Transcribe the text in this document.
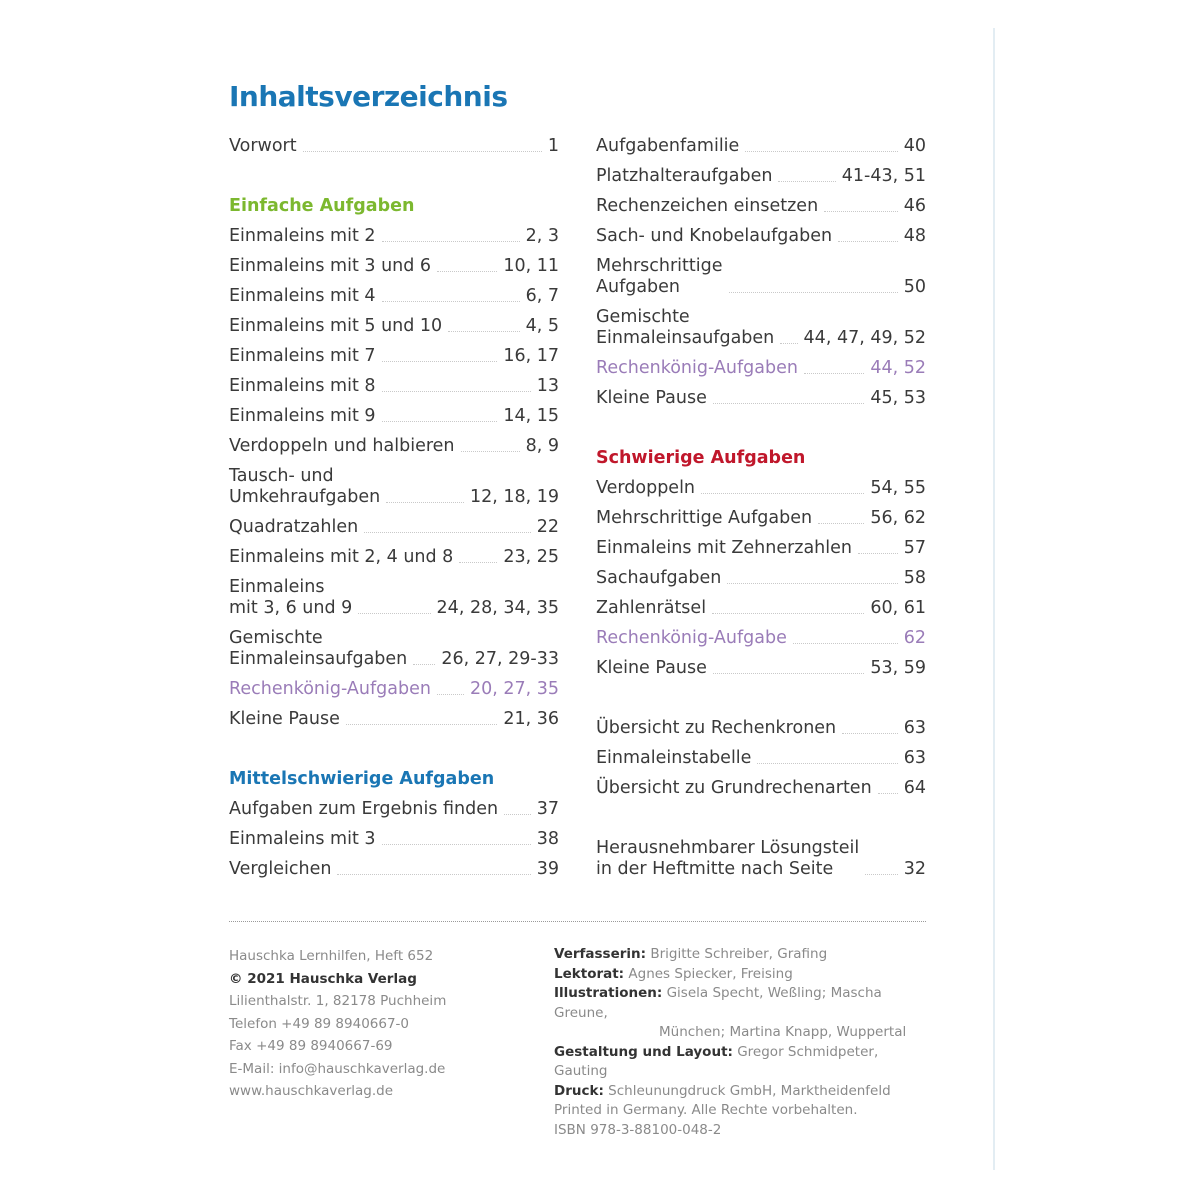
Inhaltsverzeichnis
Vorwort	1
Einfache Aufgaben
Einmaleins mit 2	2, 3
Einmaleins mit 3 und 6	10, 11
Einmaleins mit 4	6, 7
Einmaleins mit 5 und 10	4, 5
Einmaleins mit 7	16, 17
Einmaleins mit 8	13
Einmaleins mit 9	14, 15
Verdoppeln und halbieren	8, 9
Tausch- und
Umkehraufgaben	12, 18, 19
Quadratzahlen	22
Einmaleins mit 2, 4 und 8	23, 25
Einmaleins
mit 3, 6 und 9	24, 28, 34, 35
Gemischte
Einmaleinsaufgaben 26, 27, 29-33
Rechenkönig-Aufgaben 20, 27, 35
Kleine Pause	21, 36
Mittelschwierige Aufgaben
Aufgaben zum Ergebnis finden 37
Einmaleins mit 3	38
Vergleichen	39
Aufgabenfamilie	40
Platzhalteraufgaben	41-43, 51
Rechenzeichen einsetzen	46
Sach- und Knobelaufgaben	48
Mehrschrittige
Aufgaben	50
Gemischte
Einmaleinsaufgaben 44, 47, 49, 52
Rechenkönig-Aufgaben	44, 52
Kleine Pause	45, 53
Schwierige Aufgaben
Verdoppeln	54, 55
Mehrschrittige Aufgaben	56, 62
Einmaleins mit Zehnerzahlen	57
Sachaufgaben	58
Zahlenrätsel	60, 61
Rechenkönig-Aufgabe	62
Kleine Pause	53, 59
Übersicht zu Rechenkronen	63
Einmaleinstabelle	63
Übersicht zu Grundrechenarten 64
Herausnehmbarer Lösungsteil
in der Heftmitte nach Seite	32
Hauschka Lernhilfen, Heft 652
© 2021 Hauschka Verlag
Lilienthalstr. 1, 82178 Puchheim
Telefon +49 89 8940667-0
Fax +49 89 8940667-69
E-Mail: info@hauschkaverlag.de
www.hauschkaverlag.de
Verfasserin: Brigitte Schreiber, Grafing
Lektorat: Agnes Spiecker, Freising
Illustrationen: Gisela Specht, Weßling; Mascha Greune,
München; Martina Knapp, Wuppertal
Gestaltung und Layout: Gregor Schmidpeter, Gauting
Druck: Schleunungdruck GmbH, Marktheidenfeld
Printed in Germany. Alle Rechte vorbehalten.
ISBN 978-3-88100-048-2
